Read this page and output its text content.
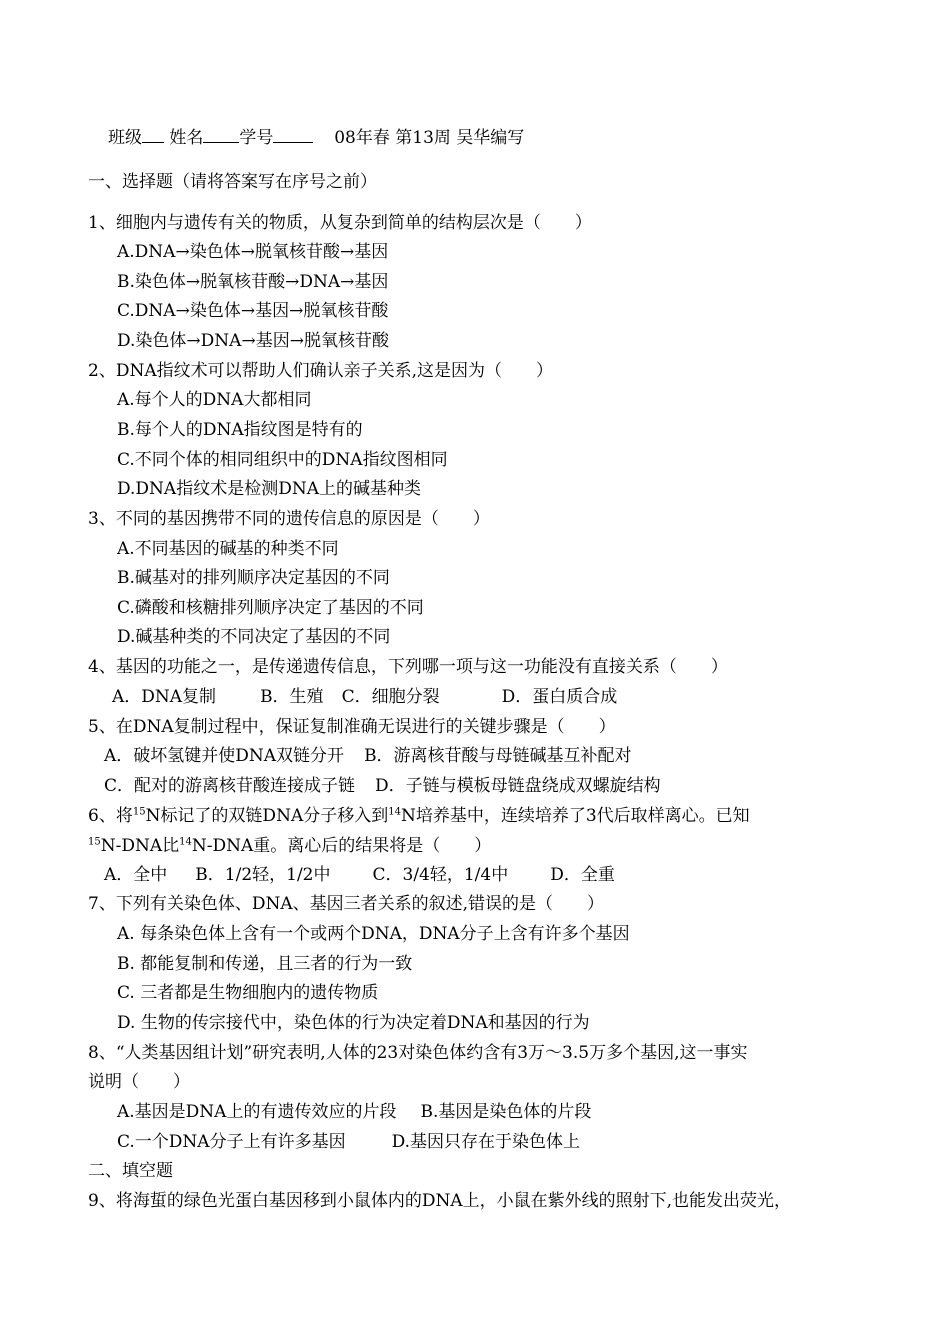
班级 姓名 学号	08年春 第13周 吴华编写
一、选择题（请将答案写在序号之前）
1、细胞内与遗传有关的物质，从复杂到简单的结构层次是（　　）
A.DNA→染色体→脱氧核苷酸→基因
B.染色体→脱氧核苷酸→DNA→基因
C.DNA→染色体→基因→脱氧核苷酸
D.染色体→DNA→基因→脱氧核苷酸
2、DNA指纹术可以帮助人们确认亲子关系,这是因为（　　）
A.每个人的DNA大都相同
B.每个人的DNA指纹图是特有的
C.不同个体的相同组织中的DNA指纹图相同
D.DNA指纹术是检测DNA上的碱基种类
3、不同的基因携带不同的遗传信息的原因是（　　）
A.不同基因的碱基的种类不同
B.碱基对的排列顺序决定基因的不同
C.磷酸和核糖排列顺序决定了基因的不同
D.碱基种类的不同决定了基因的不同
4、基因的功能之一，是传递遗传信息，下列哪一项与这一功能没有直接关系（　　）
A．DNA复制	B．生殖 C．细胞分裂	D．蛋白质合成
5、在DNA复制过程中，保证复制准确无误进行的关键步骤是（　　）
A．破坏氢键并使DNA双链分开 B．游离核苷酸与母链碱基互补配对
C．配对的游离核苷酸连接成子链 D．子链与模板母链盘绕成双螺旋结构
6、将$^{15}$N标记了的双链DNA分子移入到$^{14}$N培养基中，连续培养了3代后取样离心。已知
$^{15}$N-DNA比$^{14}$N-DNA重。离心后的结果将是（　　）
A．全中 B．1/2轻，1/2中 C．3/4轻，1/4中 D．全重
7、下列有关染色体、DNA、基因三者关系的叙述,错误的是（　　）
A. 每条染色体上含有一个或两个DNA，DNA分子上含有许多个基因
B. 都能复制和传递，且三者的行为一致
C. 三者都是生物细胞内的遗传物质
D. 生物的传宗接代中，染色体的行为决定着DNA和基因的行为
8、“人类基因组计划”研究表明,人体的23对染色体约含有3万～3.5万多个基因,这一事实
说明（　　）
A.基因是DNA上的有遗传效应的片段 B.基因是染色体的片段
C.一个DNA分子上有许多基因	D.基因只存在于染色体上
二、填空题
9、将海蜇的绿色光蛋白基因移到小鼠体内的DNA上，小鼠在紫外线的照射下,也能发出荧光，
